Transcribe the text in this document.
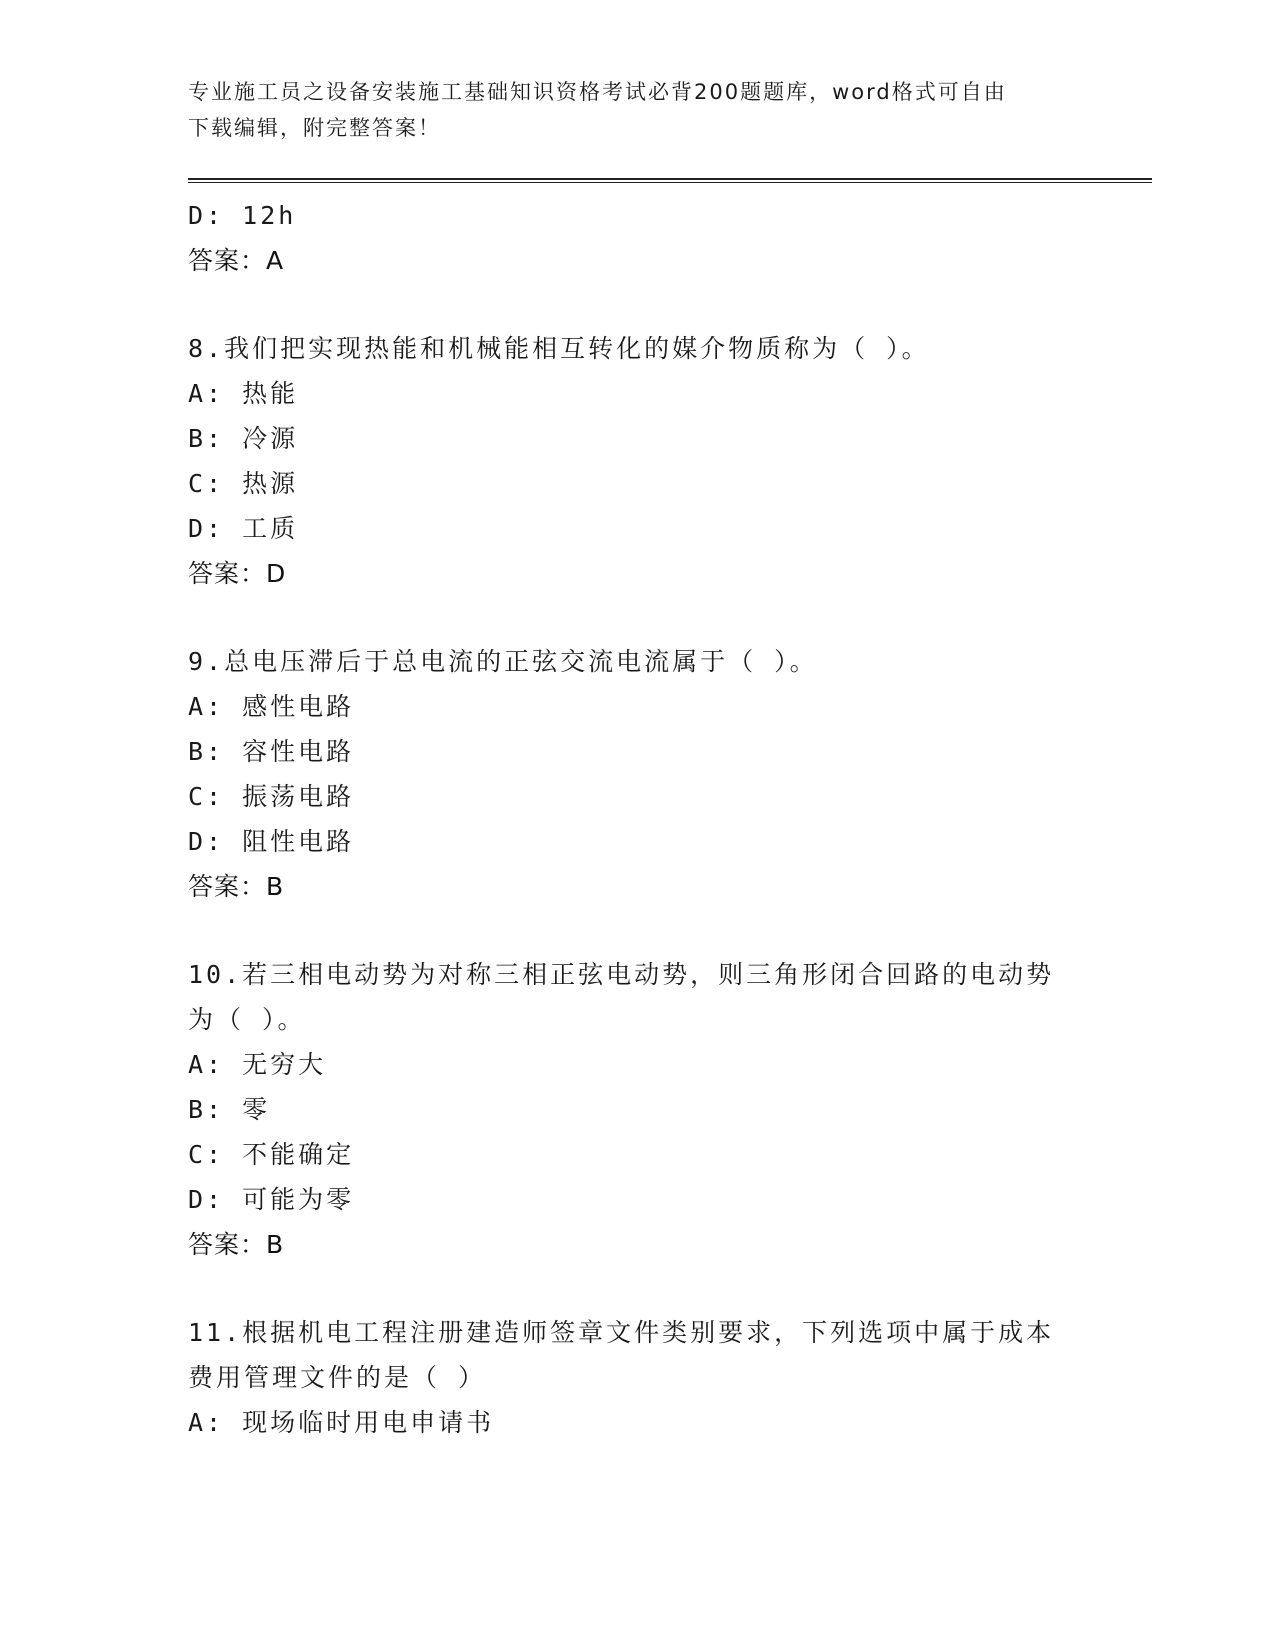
专业施工员之设备安装施工基础知识资格考试必背200题题库，word格式可自由
下载编辑，附完整答案！
D: 12h
答案：A
8.我们把实现热能和机械能相互转化的媒介物质称为（ ）。
A: 热能
B: 冷源
C: 热源
D: 工质
答案：D
9.总电压滞后于总电流的正弦交流电流属于（ ）。
A: 感性电路
B: 容性电路
C: 振荡电路
D: 阻性电路
答案：B
10.若三相电动势为对称三相正弦电动势，则三角形闭合回路的电动势
为（ ）。
A: 无穷大
B: 零
C: 不能确定
D: 可能为零
答案：B
11.根据机电工程注册建造师签章文件类别要求，下列选项中属于成本
费用管理文件的是（ ）
A: 现场临时用电申请书
